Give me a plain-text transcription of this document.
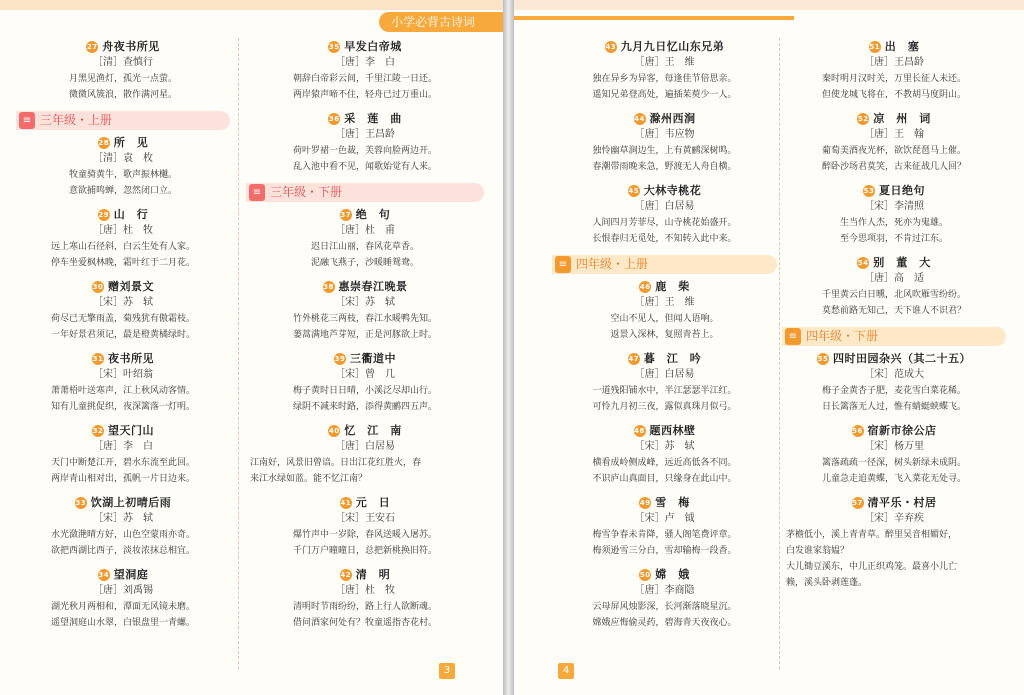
小学必背古诗词
27 舟夜书所见
［清］查慎行
月黑见渔灯，孤光一点萤。
微微风簇浪，散作满河星。
≡ 三年级・上册
28 所　见
［清］袁　枚
牧童骑黄牛，歌声振林樾。
意欲捕鸣蝉，忽然闭口立。
29 山　行
［唐］杜　牧
远上寒山石径斜，白云生处有人家。
停车坐爱枫林晚，霜叶红于二月花。
30 赠刘景文
［宋］苏　轼
荷尽已无擎雨盖，菊残犹有傲霜枝。
一年好景君须记，最是橙黄橘绿时。
31 夜书所见
［宋］叶绍翁
萧萧梧叶送寒声，江上秋风动客情。
知有儿童挑促织，夜深篱落一灯明。
32 望天门山
［唐］李　白
天门中断楚江开，碧水东流至此回。
两岸青山相对出，孤帆一片日边来。
33 饮湖上初晴后雨
［宋］苏　轼
水光潋滟晴方好，山色空蒙雨亦奇。
欲把西湖比西子，淡妆浓抹总相宜。
34 望洞庭
［唐］刘禹锡
湖光秋月两相和，潭面无风镜未磨。
遥望洞庭山水翠，白银盘里一青螺。
35 早发白帝城
［唐］李　白
朝辞白帝彩云间，千里江陵一日还。
两岸猿声啼不住，轻舟已过万重山。
36 采　莲　曲
［唐］王昌龄
荷叶罗裙一色裁，芙蓉向脸两边开。
乱入池中看不见，闻歌始觉有人来。
≡ 三年级・下册
37 绝　句
［唐］杜　甫
迟日江山丽，春风花草香。
泥融飞燕子，沙暖睡鸳鸯。
38 惠崇春江晚景
［宋］苏　轼
竹外桃花三两枝，春江水暖鸭先知。
蒌蒿满地芦芽短，正是河豚欲上时。
39 三衢道中
［宋］曾　几
梅子黄时日日晴，小溪泛尽却山行。
绿阴不减来时路，添得黄鹂四五声。
40 忆　江　南
［唐］白居易
江南好，风景旧曾谙。日出江花红胜火，春
来江水绿如蓝。能不忆江南？
41 元　日
［宋］王安石
爆竹声中一岁除，春风送暖入屠苏。
千门万户曈曈日，总把新桃换旧符。
42 清　明
［唐］杜　牧
清明时节雨纷纷，路上行人欲断魂。
借问酒家何处有？牧童遥指杏花村。
3
43 九月九日忆山东兄弟
［唐］王　维
独在异乡为异客，每逢佳节倍思亲。
遥知兄弟登高处，遍插茱萸少一人。
44 滁州西涧
［唐］韦应物
独怜幽草涧边生，上有黄鹂深树鸣。
春潮带雨晚来急，野渡无人舟自横。
45 大林寺桃花
［唐］白居易
人间四月芳菲尽，山寺桃花始盛开。
长恨春归无觅处，不知转入此中来。
≡ 四年级・上册
46 鹿　柴
［唐］王　维
空山不见人，但闻人语响。
返景入深林，复照青苔上。
47 暮　江　吟
［唐］白居易
一道残阳铺水中，半江瑟瑟半江红。
可怜九月初三夜，露似真珠月似弓。
48 题西林壁
［宋］苏　轼
横看成岭侧成峰，远近高低各不同。
不识庐山真面目，只缘身在此山中。
49 雪　梅
［宋］卢　钺
梅雪争春未肯降，骚人阁笔费评章。
梅须逊雪三分白，雪却输梅一段香。
50 嫦　娥
［唐］李商隐
云母屏风烛影深，长河渐落晓星沉。
嫦娥应悔偷灵药，碧海青天夜夜心。
51 出　塞
［唐］王昌龄
秦时明月汉时关，万里长征人未还。
但使龙城飞将在，不教胡马度阴山。
52 凉　州　词
［唐］王　翰
葡萄美酒夜光杯，欲饮琵琶马上催。
醉卧沙场君莫笑，古来征战几人回？
53 夏日绝句
［宋］李清照
生当作人杰，死亦为鬼雄。
至今思项羽，不肯过江东。
54 别　董　大
［唐］高　适
千里黄云白日曛，北风吹雁雪纷纷。
莫愁前路无知己，天下谁人不识君？
≡ 四年级・下册
55 四时田园杂兴（其二十五）
［宋］范成大
梅子金黄杏子肥，麦花雪白菜花稀。
日长篱落无人过，惟有蜻蜓蛱蝶飞。
56 宿新市徐公店
［宋］杨万里
篱落疏疏一径深，树头新绿未成阴。
儿童急走追黄蝶，飞入菜花无处寻。
57 清平乐・村居
［宋］辛弃疾
茅檐低小，溪上青青草。醉里吴音相媚好，
白发谁家翁媪？
大儿锄豆溪东，中儿正织鸡笼。最喜小儿亡
赖，溪头卧剥莲蓬。
4
